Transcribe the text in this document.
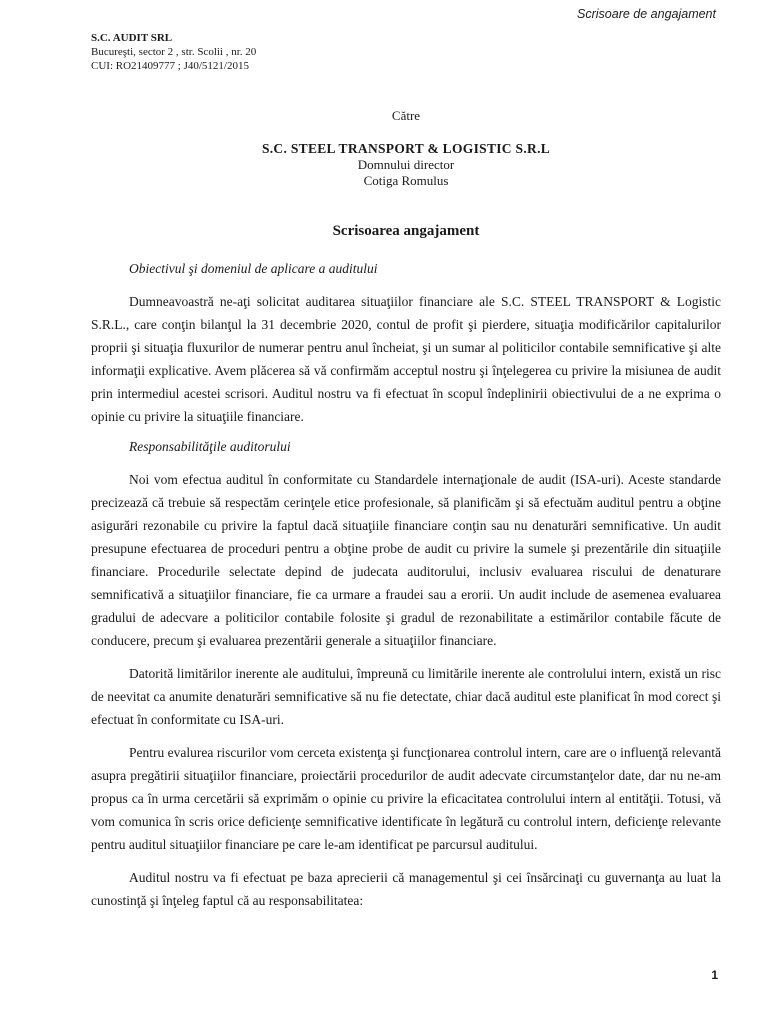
Scrisoare de angajament
S.C. AUDIT SRL
Bucureşti, sector 2 , str. Scolii , nr. 20
CUI: RO21409777 ; J40/5121/2015
Către
S.C. STEEL TRANSPORT & LOGISTIC S.R.L
Domnului director
Cotiga Romulus
Scrisoarea angajament
Obiectivul şi domeniul de aplicare a auditului

Dumneavoastră ne-aţi solicitat auditarea situaţiilor financiare ale S.C. STEEL TRANSPORT & Logistic S.R.L., care conţin bilanţul la 31 decembrie 2020, contul de profit şi pierdere, situaţia modificărilor capitalurilor proprii şi situaţia fluxurilor de numerar pentru anul încheiat, şi un sumar al politicilor contabile semnificative şi alte informaţii explicative. Avem plăcerea să vă confirmăm acceptul nostru şi înţelegerea cu privire la misiunea de audit prin intermediul acestei scrisori. Auditul nostru va fi efectuat în scopul îndeplinirii obiectivului de a ne exprima o opinie cu privire la situaţiile financiare.

Responsabilităţile auditorului

Noi vom efectua auditul în conformitate cu Standardele internaţionale de audit (ISA-uri). Aceste standarde precizează că trebuie să respectăm cerinţele etice profesionale, să planificăm şi să efectuăm auditul pentru a obţine asigurări rezonabile cu privire la faptul dacă situaţiile financiare conţin sau nu denaturări semnificative. Un audit presupune efectuarea de proceduri pentru a obţine probe de audit cu privire la sumele şi prezentările din situaţiile financiare. Procedurile selectate depind de judecata auditorului, inclusiv evaluarea riscului de denaturare semnificativă a situaţiilor financiare, fie ca urmare a fraudei sau a erorii. Un audit include de asemenea evaluarea gradului de adecvare a politicilor contabile folosite şi gradul de rezonabilitate a estimărilor contabile făcute de conducere, precum şi evaluarea prezentării generale a situaţiilor financiare.

Datorită limitărilor inerente ale auditului, împreună cu limitările inerente ale controlului intern, există un risc de neevitat ca anumite denaturări semnificative să nu fie detectate, chiar dacă auditul este planificat în mod corect şi efectuat în conformitate cu ISA-uri.

Pentru evalurea riscurilor vom cerceta existenţa şi funcţionarea controlul intern, care are o influenţă relevantă asupra pregătirii situaţiilor financiare, proiectării procedurilor de audit adecvate circumstanţelor date, dar nu ne-am propus ca în urma cercetării să exprimăm o opinie cu privire la eficacitatea controlului intern al entităţii. Totusi, vă vom comunica în scris orice deficienţe semnificative identificate în legătură cu controlul intern, deficienţe relevante pentru auditul situaţiilor financiare pe care le-am identificat pe parcursul auditului.

Auditul nostru va fi efectuat pe baza aprecierii că managementul şi cei însărcinaţi cu guvernanţa au luat la cunostinţă şi înţeleg faptul că au responsabilitatea:

1
